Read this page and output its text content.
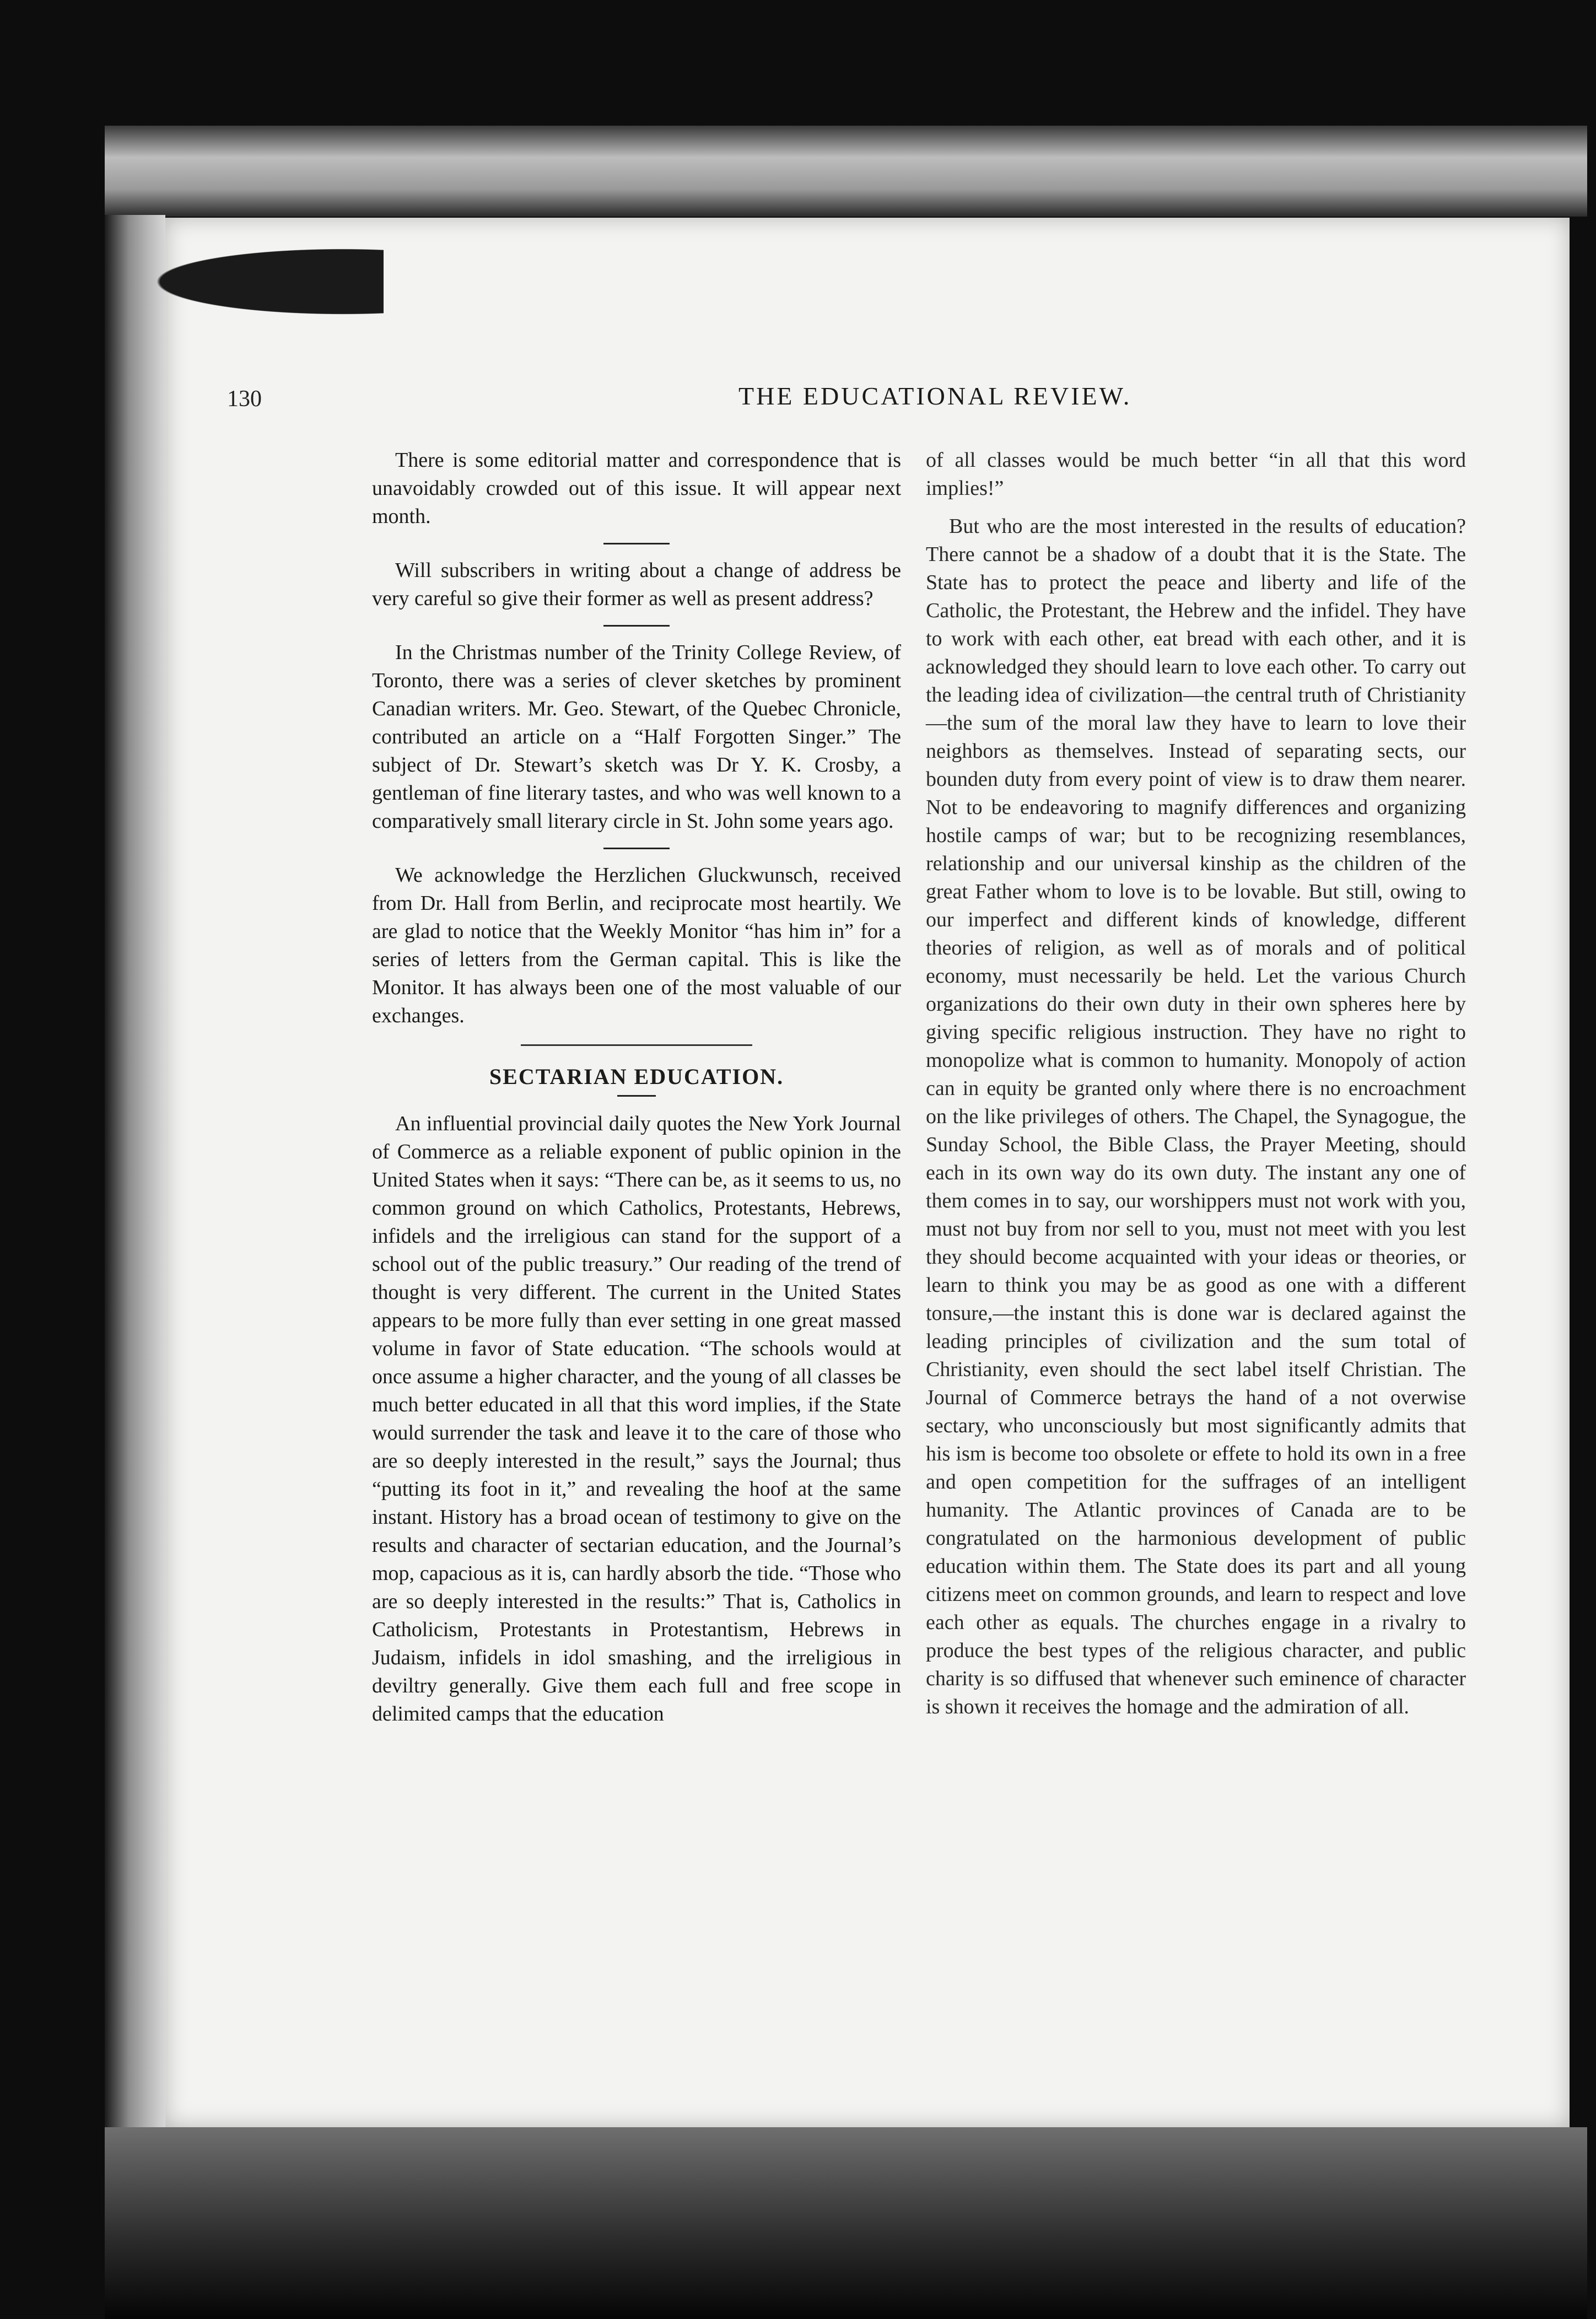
130	THE EDUCATIONAL REVIEW.

There is some editorial matter and correspondence that is unavoidably crowded out of this issue. It will appear next month.

Will subscribers in writing about a change of address be very careful so give their former as well as present address?

In the Christmas number of the Trinity College Review, of Toronto, there was a series of clever sketches by prominent Canadian writers. Mr. Geo. Stewart, of the Quebec Chronicle, contributed an article on a “Half Forgotten Singer.” The subject of Dr. Stewart’s sketch was Dr Y. K. Crosby, a gentleman of fine literary tastes, and who was well known to a comparatively small literary circle in St. John some years ago.

We acknowledge the Herzlichen Gluckwunsch, received from Dr. Hall from Berlin, and reciprocate most heartily. We are glad to notice that the Weekly Monitor “has him in” for a series of letters from the German capital. This is like the Monitor. It has always been one of the most valuable of our exchanges.

SECTARIAN EDUCATION.

An influential provincial daily quotes the New York Journal of Commerce as a reliable exponent of public opinion in the United States when it says: “There can be, as it seems to us, no common ground on which Catholics, Protestants, Hebrews, infidels and the irreligious can stand for the support of a school out of the public treasury.” Our reading of the trend of thought is very different. The current in the United States appears to be more fully than ever setting in one great massed volume in favor of State education. “The schools would at once assume a higher character, and the young of all classes be much better educated in all that this word implies, if the State would surrender the task and leave it to the care of those who are so deeply interested in the result,” says the Journal; thus “putting its foot in it,” and revealing the hoof at the same instant. History has a broad ocean of testimony to give on the results and character of sectarian education, and the Journal’s mop, capacious as it is, can hardly absorb the tide. “Those who are so deeply interested in the results:” That is, Catholics in Catholicism, Protestants in Protestantism, Hebrews in Judaism, infidels in idol smashing, and the irreligious in deviltry generally. Give them each full and free scope in delimited camps that the education

of all classes would be much better “in all that this word implies!”

But who are the most interested in the results of education? There cannot be a shadow of a doubt that it is the State. The State has to protect the peace and liberty and life of the Catholic, the Protestant, the Hebrew and the infidel. They have to work with each other, eat bread with each other, and it is acknowledged they should learn to love each other. To carry out the leading idea of civilization—the central truth of Christianity—the sum of the moral law they have to learn to love their neighbors as themselves. Instead of separating sects, our bounden duty from every point of view is to draw them nearer. Not to be endeavoring to magnify differences and organizing hostile camps of war; but to be recognizing resemblances, relationship and our universal kinship as the children of the great Father whom to love is to be lovable. But still, owing to our imperfect and different kinds of knowledge, different theories of religion, as well as of morals and of political economy, must necessarily be held. Let the various Church organizations do their own duty in their own spheres here by giving specific religious instruction. They have no right to monopolize what is common to humanity. Monopoly of action can in equity be granted only where there is no encroachment on the like privileges of others. The Chapel, the Synagogue, the Sunday School, the Bible Class, the Prayer Meeting, should each in its own way do its own duty. The instant any one of them comes in to say, our worshippers must not work with you, must not buy from nor sell to you, must not meet with you lest they should become acquainted with your ideas or theories, or learn to think you may be as good as one with a different tonsure,—the instant this is done war is declared against the leading principles of civilization and the sum total of Christianity, even should the sect label itself Christian. The Journal of Commerce betrays the hand of a not overwise sectary, who unconsciously but most significantly admits that his ism is become too obsolete or effete to hold its own in a free and open competition for the suffrages of an intelligent humanity. The Atlantic provinces of Canada are to be congratulated on the harmonious development of public education within them. The State does its part and all young citizens meet on common grounds, and learn to respect and love each other as equals. The churches engage in a rivalry to produce the best types of the religious character, and public charity is so diffused that whenever such eminence of character is shown it receives the homage and the admiration of all.
